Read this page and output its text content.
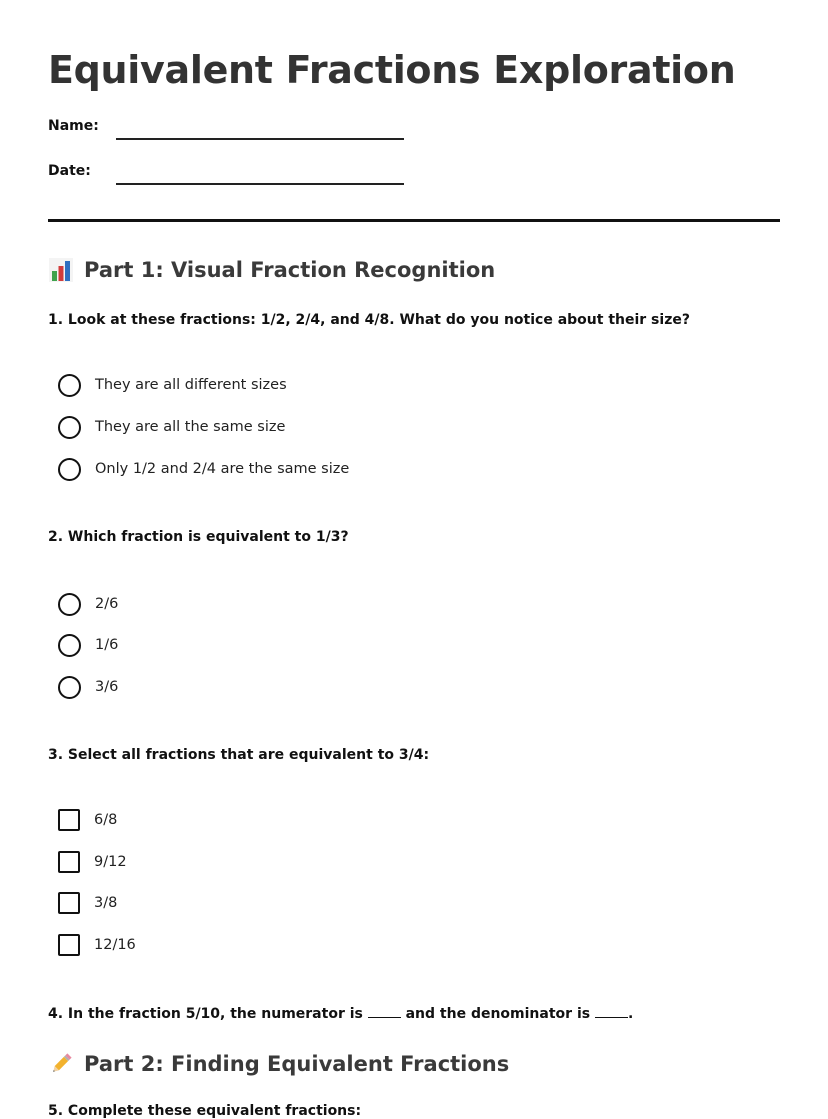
Equivalent Fractions Exploration
Name:
Date:
Part 1: Visual Fraction Recognition

1. Look at these fractions: 1/2, 2/4, and 4/8. What do you notice about their size?

They are all different sizes
They are all the same size
Only 1/2 and 2/4 are the same size

2. Which fraction is equivalent to 1/3?

2/6
1/6
3/6

3. Select all fractions that are equivalent to 3/4:

6/8
9/12
3/8
12/16

4. In the fraction 5/10, the numerator is  and the denominator is .

Part 2: Finding Equivalent Fractions

5. Complete these equivalent fractions:
